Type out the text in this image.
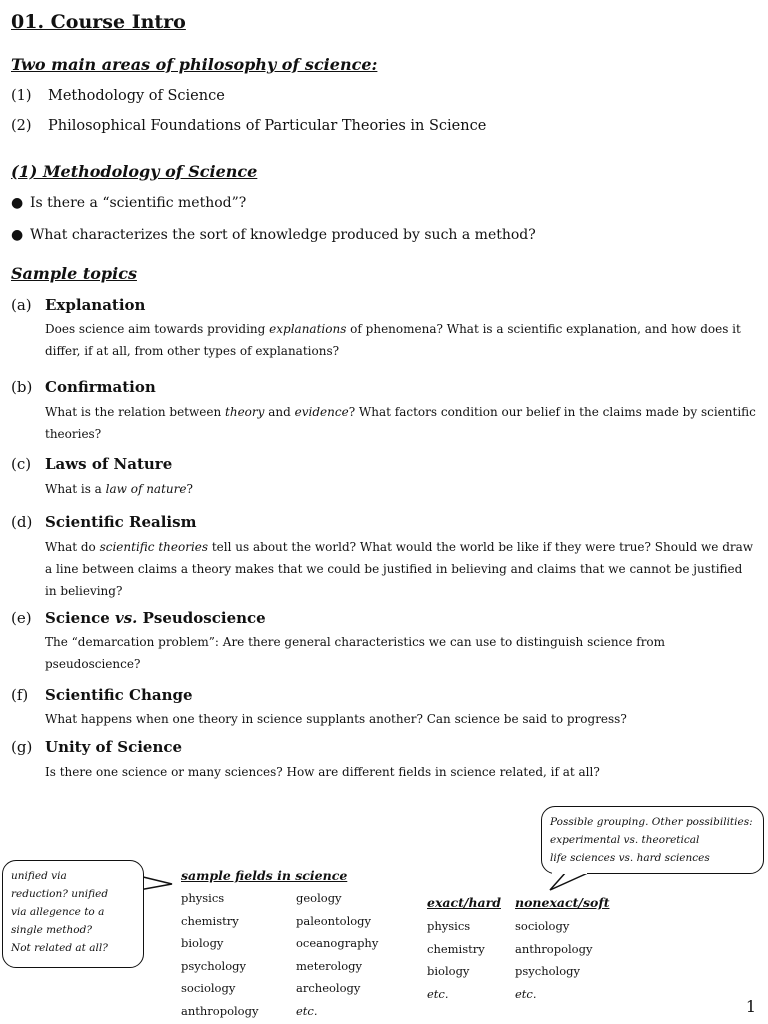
01. Course Intro
Two main areas of philosophy of science:
(1) Methodology of Science
(2) Philosophical Foundations of Particular Theories in Science
(1) Methodology of Science
● Is there a “scientific method”?
● What characterizes the sort of knowledge produced by such a method?
Sample topics
(a) Explanation
Does science aim towards providing explanations of phenomena? What is a scientific explanation, and how does it differ, if at all, from other types of explanations?
(b) Confirmation
What is the relation between theory and evidence? What factors condition our belief in the claims made by scientific theories?
(c) Laws of Nature
What is a law of nature?
(d) Scientific Realism
What do scientific theories tell us about the world? What would the world be like if they were true? Should we draw a line between claims a theory makes that we could be justified in believing and claims that we cannot be justified in believing?
(e) Science vs. Pseudoscience
The “demarcation problem”: Are there general characteristics we can use to distinguish science from pseudoscience?
(f) Scientific Change
What happens when one theory in science supplants another? Can science be said to progress?
(g) Unity of Science
Is there one science or many sciences? How are different fields in science related, if at all?
unified via
reduction? unified
via allegence to a
single method?
Not related at all?
Possible grouping. Other possibilities:
experimental vs. theoretical
life sciences vs. hard sciences
sample fields in science
physics
chemistry
biology
psychology
sociology
anthropology
geology
paleontology
oceanography
meterology
archeology
etc.
exact/hard nonexact/soft
physics
chemistry
biology
etc.
sociology
anthropology
psychology
etc.
1
